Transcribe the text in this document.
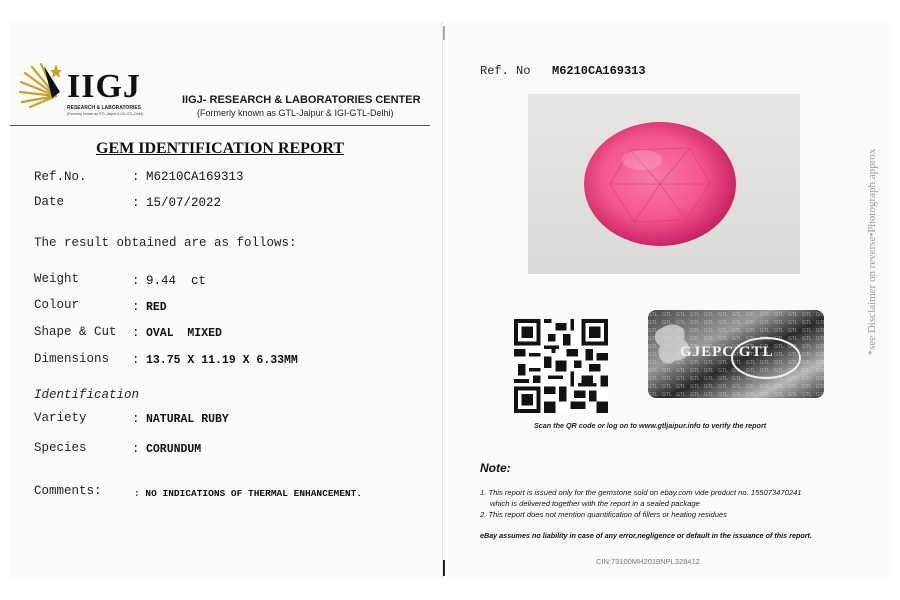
IIGJ
RESEARCH & LABORATORIES
(Formerly known as GTL-Jaipur & IGI-GTL-Delhi)
IIGJ- RESEARCH & LABORATORIES CENTER
(Formerly known as GTL-Jaipur & IGI-GTL-Delhi)
GEM IDENTIFICATION REPORT
Ref.No.	: M6210CA169313
Date	: 15/07/2022
The result obtained are as follows:
Weight	: 9.44  ct
Colour	: RED
Shape & Cut : OVAL  MIXED
Dimensions : 13.75 X 11.19 X 6.33MM
Identification
Variety	: NATURAL RUBY
Species	: CORUNDUM
Comments:	: NO INDICATIONS OF THERMAL ENHANCEMENT.
Ref. No M6210CA169313
GJEPC GTL
Scan the QR code or log on to www.gtljaipur.info to verify the report
Note:
1. This report is issued only for the gemstone sold on ebay.com vide product no. 155073470241
which is delivered together with the report in a sealed package
2. This report does not mention quantification of fillers or heating residues
eBay assumes no liability in case of any error,negligence or default in the issuance of this report.
CIN:73100MH2019NPL328412
*see Disclaimer on reverse•Photograph approx
